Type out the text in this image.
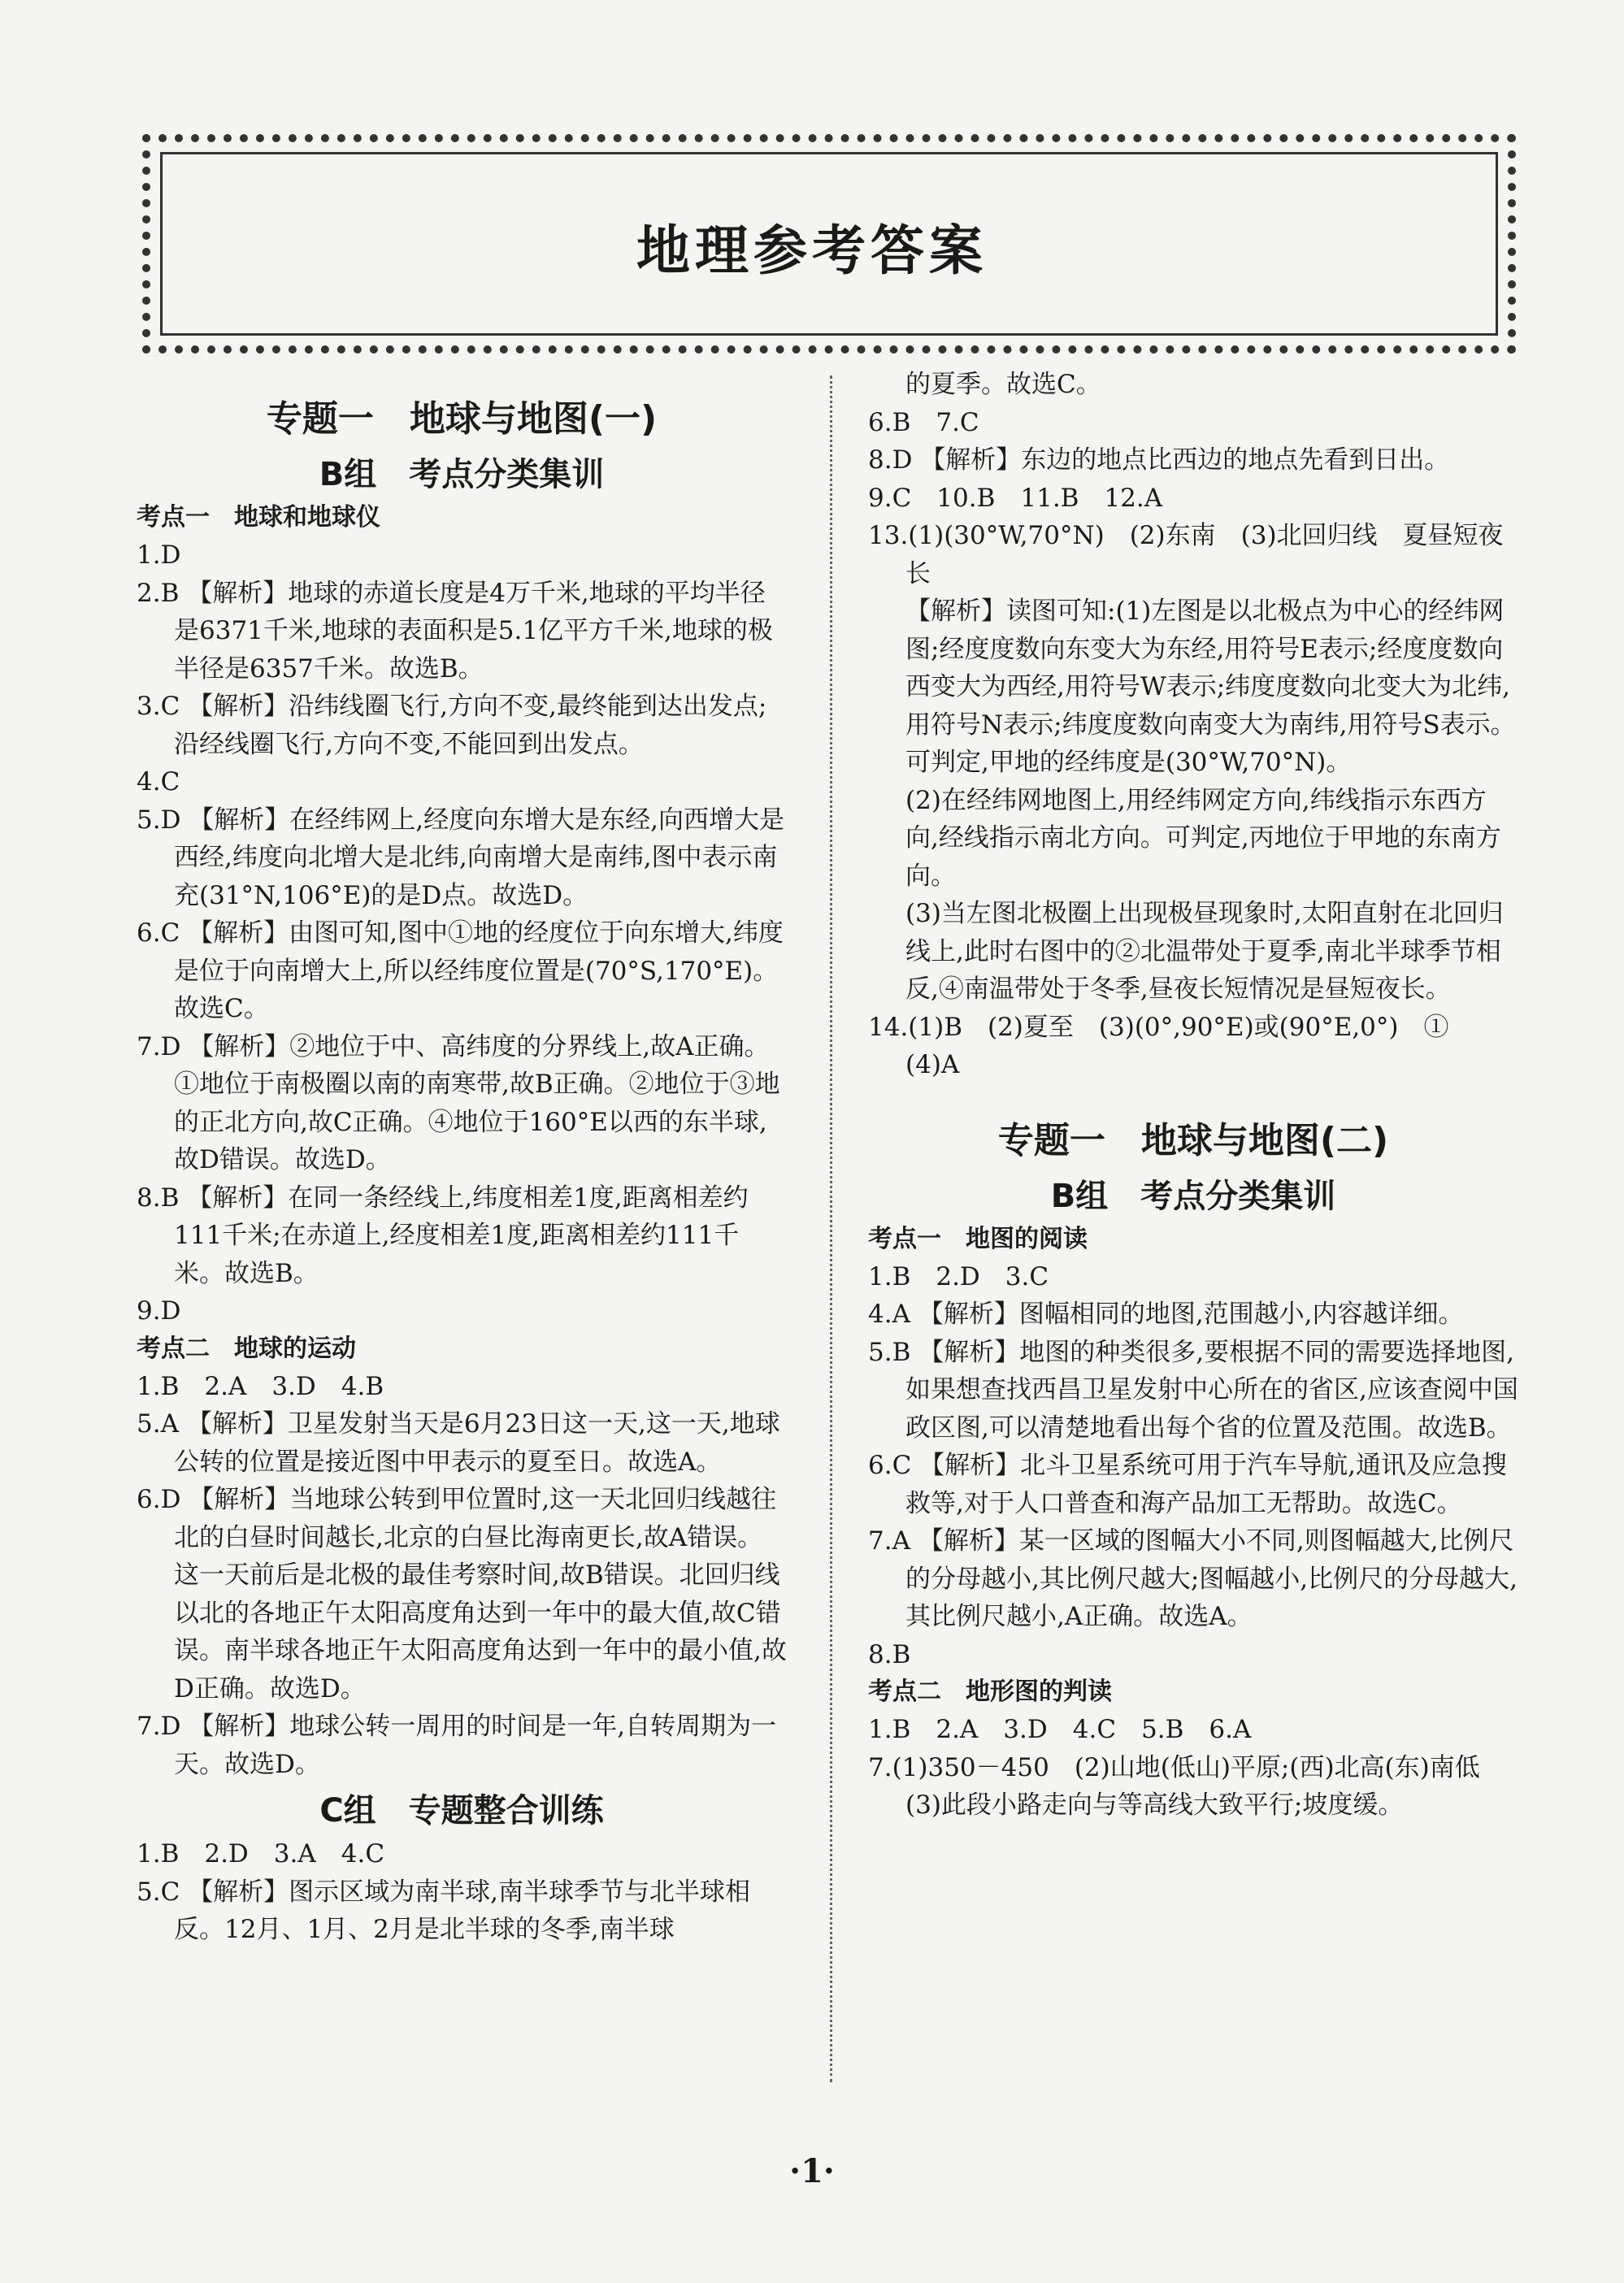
地理参考答案
专题一　地球与地图(一)
B组　考点分类集训
考点一　地球和地球仪
1.D
2.B 【解析】地球的赤道长度是4万千米,地球的平均半径是6371千米,地球的表面积是5.1亿平方千米,地球的极半径是6357千米。故选B。
3.C 【解析】沿纬线圈飞行,方向不变,最终能到达出发点;沿经线圈飞行,方向不变,不能回到出发点。
4.C
5.D 【解析】在经纬网上,经度向东增大是东经,向西增大是西经,纬度向北增大是北纬,向南增大是南纬,图中表示南充(31°N,106°E)的是D点。故选D。
6.C 【解析】由图可知,图中①地的经度位于向东增大,纬度是位于向南增大上,所以经纬度位置是(70°S,170°E)。故选C。
7.D 【解析】②地位于中、高纬度的分界线上,故A正确。①地位于南极圈以南的南寒带,故B正确。②地位于③地的正北方向,故C正确。④地位于160°E以西的东半球,故D错误。故选D。
8.B 【解析】在同一条经线上,纬度相差1度,距离相差约111千米;在赤道上,经度相差1度,距离相差约111千米。故选B。
9.D
考点二　地球的运动
1.B　2.A　3.D　4.B
5.A 【解析】卫星发射当天是6月23日这一天,这一天,地球公转的位置是接近图中甲表示的夏至日。故选A。
6.D 【解析】当地球公转到甲位置时,这一天北回归线越往北的白昼时间越长,北京的白昼比海南更长,故A错误。这一天前后是北极的最佳考察时间,故B错误。北回归线以北的各地正午太阳高度角达到一年中的最大值,故C错误。南半球各地正午太阳高度角达到一年中的最小值,故D正确。故选D。
7.D 【解析】地球公转一周用的时间是一年,自转周期为一天。故选D。
C组　专题整合训练
1.B　2.D　3.A　4.C
5.C 【解析】图示区域为南半球,南半球季节与北半球相反。12月、1月、2月是北半球的冬季,南半球
的夏季。故选C。
6.B　7.C
8.D 【解析】东边的地点比西边的地点先看到日出。
9.C　10.B　11.B　12.A
13.(1)(30°W,70°N)　(2)东南　(3)北回归线　夏昼短夜长
【解析】读图可知:(1)左图是以北极点为中心的经纬网图;经度度数向东变大为东经,用符号E表示;经度度数向西变大为西经,用符号W表示;纬度度数向北变大为北纬,用符号N表示;纬度度数向南变大为南纬,用符号S表示。可判定,甲地的经纬度是(30°W,70°N)。
(2)在经纬网地图上,用经纬网定方向,纬线指示东西方向,经线指示南北方向。可判定,丙地位于甲地的东南方向。
(3)当左图北极圈上出现极昼现象时,太阳直射在北回归线上,此时右图中的②北温带处于夏季,南北半球季节相反,④南温带处于冬季,昼夜长短情况是昼短夜长。
14.(1)B　(2)夏至　(3)(0°,90°E)或(90°E,0°)　①　(4)A
专题一　地球与地图(二)
B组　考点分类集训
考点一　地图的阅读
1.B　2.D　3.C
4.A 【解析】图幅相同的地图,范围越小,内容越详细。
5.B 【解析】地图的种类很多,要根据不同的需要选择地图,如果想查找西昌卫星发射中心所在的省区,应该查阅中国政区图,可以清楚地看出每个省的位置及范围。故选B。
6.C 【解析】北斗卫星系统可用于汽车导航,通讯及应急搜救等,对于人口普查和海产品加工无帮助。故选C。
7.A 【解析】某一区域的图幅大小不同,则图幅越大,比例尺的分母越小,其比例尺越大;图幅越小,比例尺的分母越大,其比例尺越小,A正确。故选A。
8.B
考点二　地形图的判读
1.B　2.A　3.D　4.C　5.B　6.A
7.(1)350－450　(2)山地(低山)平原;(西)北高(东)南低
(3)此段小路走向与等高线大致平行;坡度缓。
·1·
